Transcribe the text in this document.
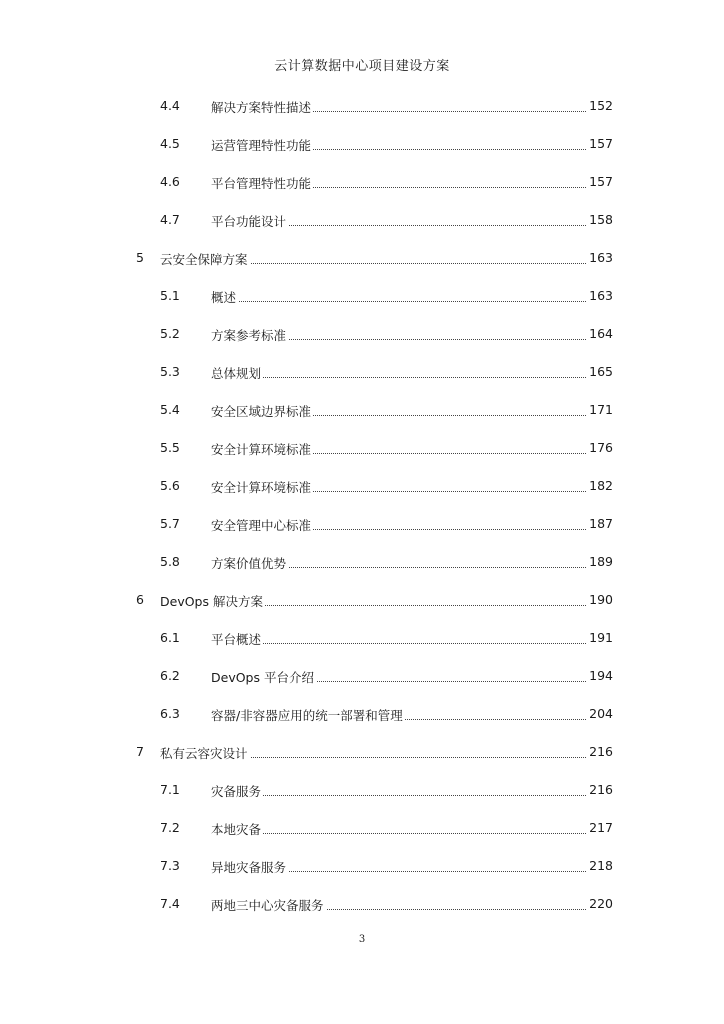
云计算数据中心项目建设方案
4.4 解决方案特性描述	152
4.5 运营管理特性功能	157
4.6 平台管理特性功能	157
4.7 平台功能设计	158
5 云安全保障方案	163
5.1 概述	163
5.2 方案参考标准	164
5.3 总体规划	165
5.4 安全区域边界标准	171
5.5 安全计算环境标准	176
5.6 安全计算环境标准	182
5.7 安全管理中心标准	187
5.8 方案价值优势	189
6 DevOps 解决方案	190
6.1 平台概述	191
6.2 DevOps 平台介绍	194
6.3 容器/非容器应用的统一部署和管理	204
7 私有云容灾设计	216
7.1 灾备服务	216
7.2 本地灾备	217
7.3 异地灾备服务	218
7.4 两地三中心灾备服务	220
3
